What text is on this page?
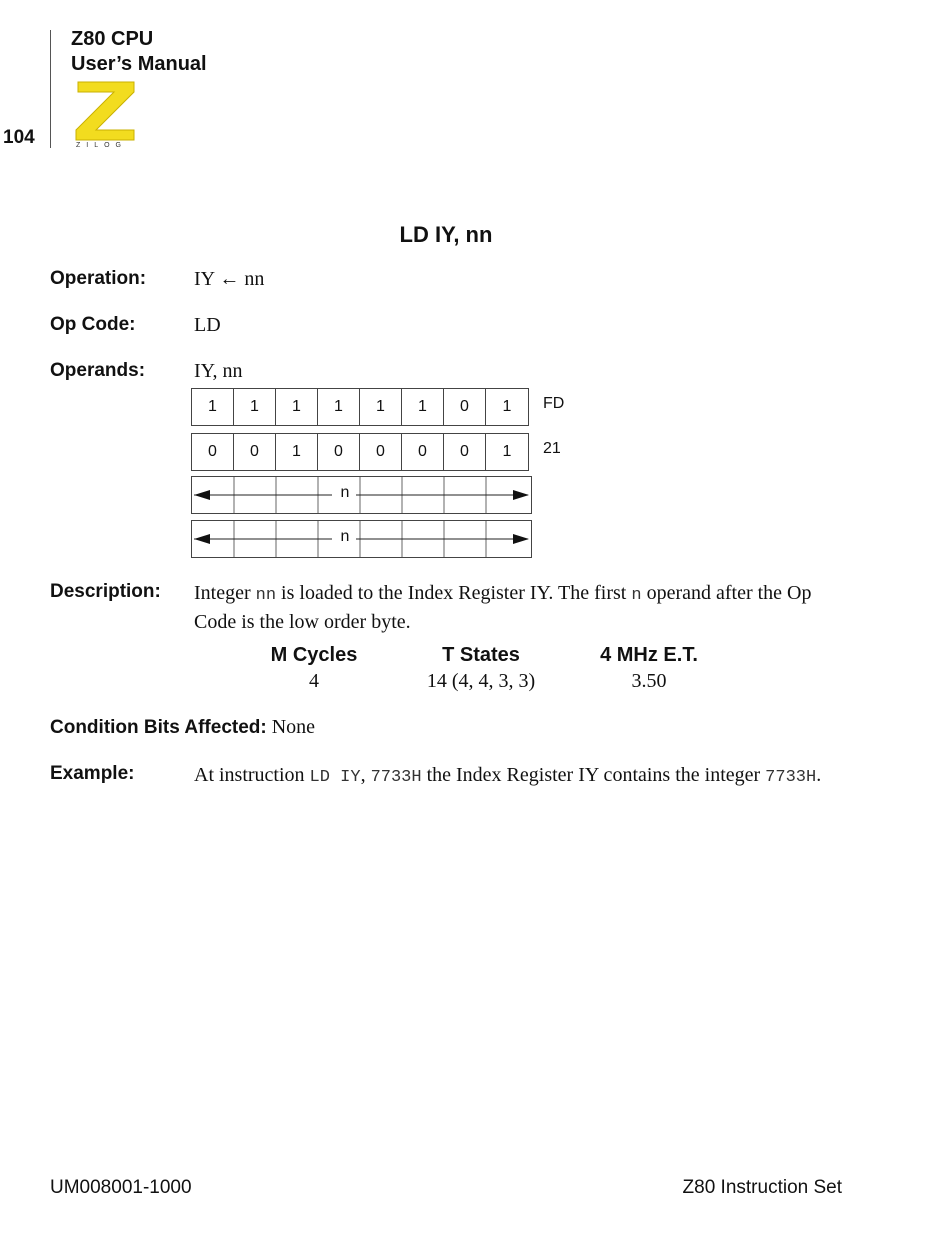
Z80 CPU
User’s Manual
104	ZILOG
LD IY, nn
Operation: IY ← nn
Op Code:	LD
Operands: IY, nn
1	1	1	1	1	1	0	1	FD
0	0	1	0	0	0	0	1	21
n
n
Description: Integer nn is loaded to the Index Register IY. The first n operand after the Op Code is the low order byte.
M Cycles	T States	4 MHz E.T.
4	14 (4, 4, 3, 3)	3.50
Condition Bits Affected: None
Example:	At instruction LD IY, 7733H the Index Register IY contains the integer 7733H.
UM008001-1000	Z80 Instruction Set
